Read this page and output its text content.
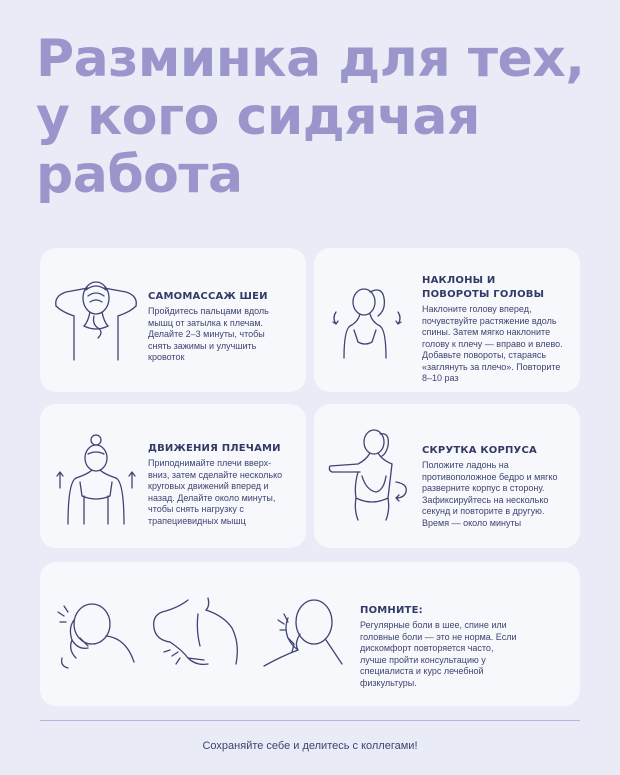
Разминка для тех,
у кого сидячая
работа
САМОМАССАЖ ШЕИ
Пройдитесь пальцами вдоль мышц от затылка к плечам. Делайте 2–3 минуты, чтобы снять зажимы и улучшить кровоток
НАКЛОНЫ И
ПОВОРОТЫ ГОЛОВЫ
Наклоните голову вперед, почувствуйте растяжение вдоль спины. Затем мягко наклоните голову к плечу — вправо и влево. Добавьте повороты, стараясь «заглянуть за плечо». Повторите 8–10 раз
ДВИЖЕНИЯ ПЛЕЧАМИ
Приподнимайте плечи вверх-вниз, затем сделайте несколько круговых движений вперед и назад. Делайте около минуты, чтобы снять нагрузку с трапециевидных мышц
СКРУТКА КОРПУСА
Положите ладонь на противоположное бедро и мягко разверните корпус в сторону. Зафиксируйтесь на несколько секунд и повторите в другую. Время — около минуты
ПОМНИТЕ:
Регулярные боли в шее, спине или головные боли — это не норма. Если дискомфорт повторяется часто, лучше пройти консультацию у специалиста и курс лечебной физкультуры.
Сохраняйте себе и делитесь с коллегами!
